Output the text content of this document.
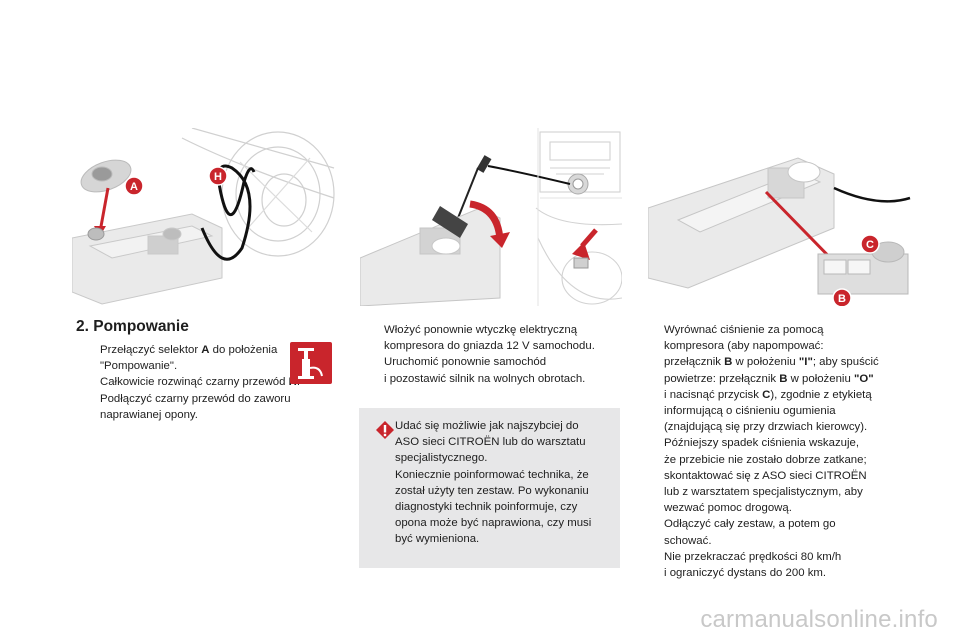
A
H
C
B
2. Pompowanie
Przełączyć selektor A do położenia "Pompowanie".
Całkowicie rozwinąć czarny przewód
Podłączyć czarny przewód do zaworu naprawianej opony.
Włożyć ponownie wtyczkę elektryczną
kompresora do gniazda 12 V samochodu.
Uruchomić ponownie samochód
i pozostawić silnik na wolnych obrotach.
Udać się możliwie jak najszybciej do
ASO sieci CITROËN lub do warsztatu
specjalistycznego.
Koniecznie poinformować technika, że
został użyty ten zestaw. Po wykonaniu
diagnostyki technik poinformuje, czy
opona może być naprawiona, czy musi
być wymieniona.
Wyrównać ciśnienie za pomocą
kompresora (aby napompować:
przełącznik B w położeniu "I"; aby spuścić
powietrze: przełącznik B w położeniu "O"
i nacisnąć przycisk C), zgodnie z etykietą
informującą o ciśnieniu ogumienia
(znajdującą się przy drzwiach kierowcy).
Późniejszy spadek ciśnienia wskazuje,
że przebicie nie zostało dobrze zatkane;
skontaktować się z ASO sieci CITROËN
lub z warsztatem specjalistycznym, aby
wezwać pomoc drogową.
Odłączyć cały zestaw, a potem go
schować.
Nie przekraczać prędkości 80 km/h
i ograniczyć dystans do 200 km.
carmanualsonline.info
